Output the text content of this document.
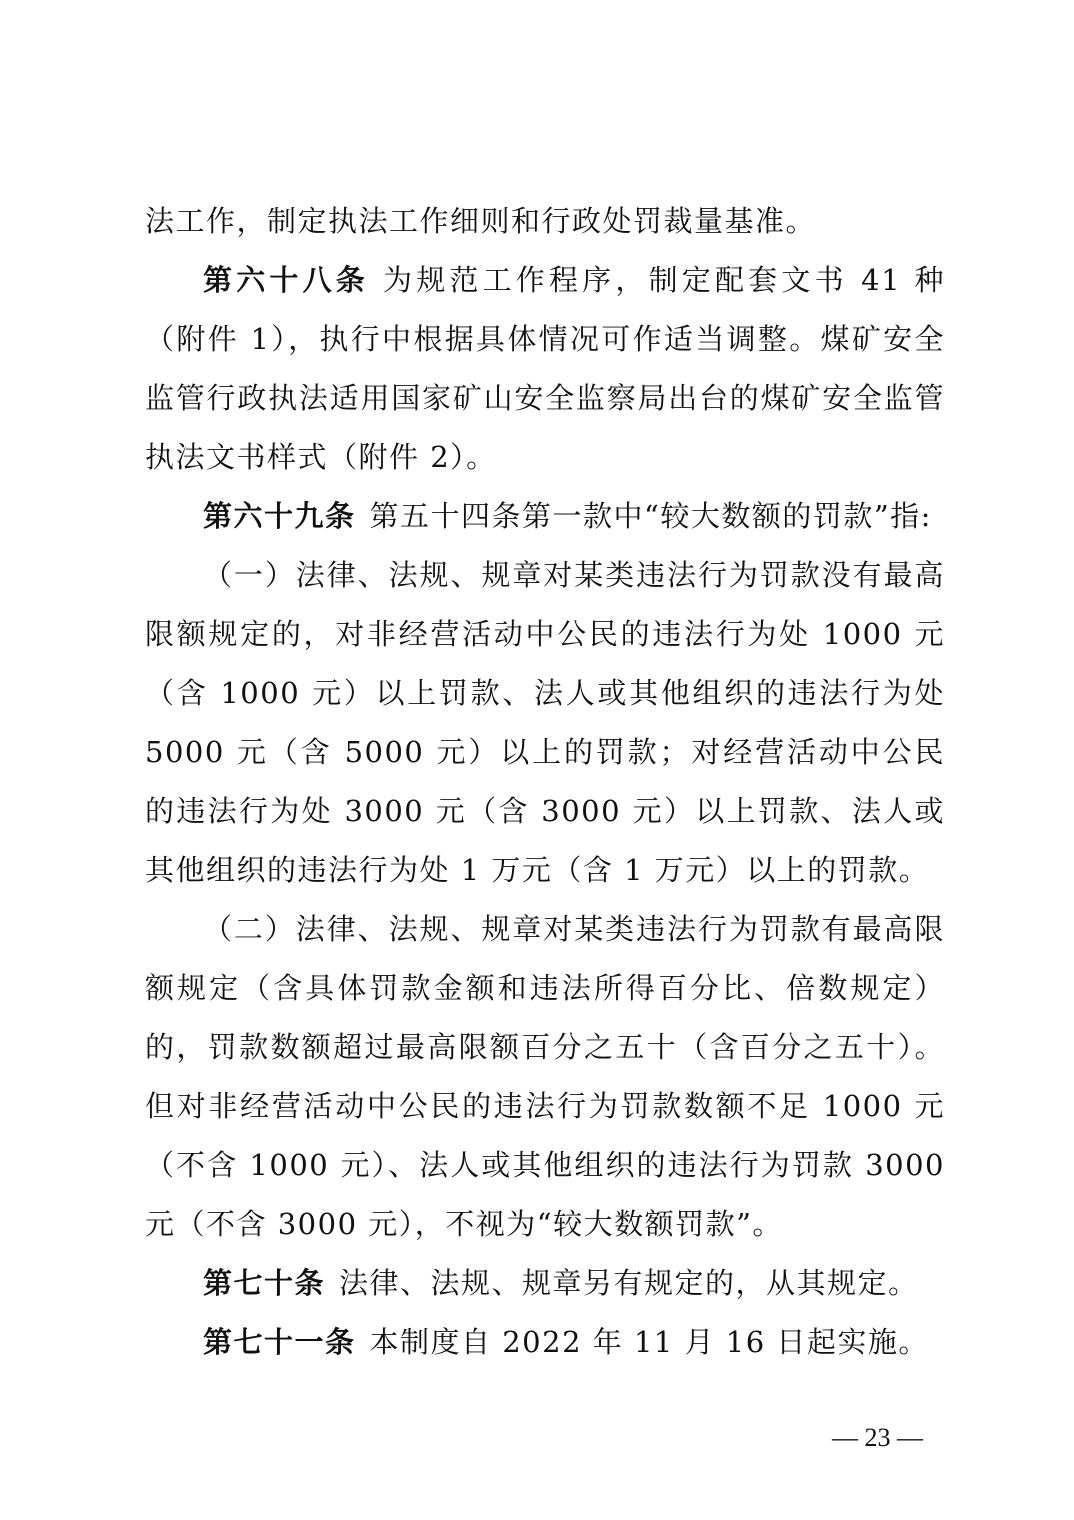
法工作，制定执法工作细则和行政处罚裁量基准。

第六十八条 为规范工作程序，制定配套文书 41 种（附件 1），执行中根据具体情况可作适当调整。煤矿安全监管行政执法适用国家矿山安全监察局出台的煤矿安全监管执法文书样式（附件 2）。

第六十九条 第五十四条第一款中“较大数额的罚款”指:

（一）法律、法规、规章对某类违法行为罚款没有最高限额规定的，对非经营活动中公民的违法行为处 1000 元（含 1000 元）以上罚款、法人或其他组织的违法行为处 5000 元（含 5000 元）以上的罚款；对经营活动中公民的违法行为处 3000 元（含 3000 元）以上罚款、法人或其他组织的违法行为处 1 万元（含 1 万元）以上的罚款。

（二）法律、法规、规章对某类违法行为罚款有最高限额规定（含具体罚款金额和违法所得百分比、倍数规定）的，罚款数额超过最高限额百分之五十（含百分之五十）。但对非经营活动中公民的违法行为罚款数额不足 1000 元（不含 1000 元）、法人或其他组织的违法行为罚款 3000 元（不含 3000 元），不视为“较大数额罚款”。

第七十条 法律、法规、规章另有规定的，从其规定。

第七十一条 本制度自 2022 年 11 月 16 日起实施。

— 23 —
